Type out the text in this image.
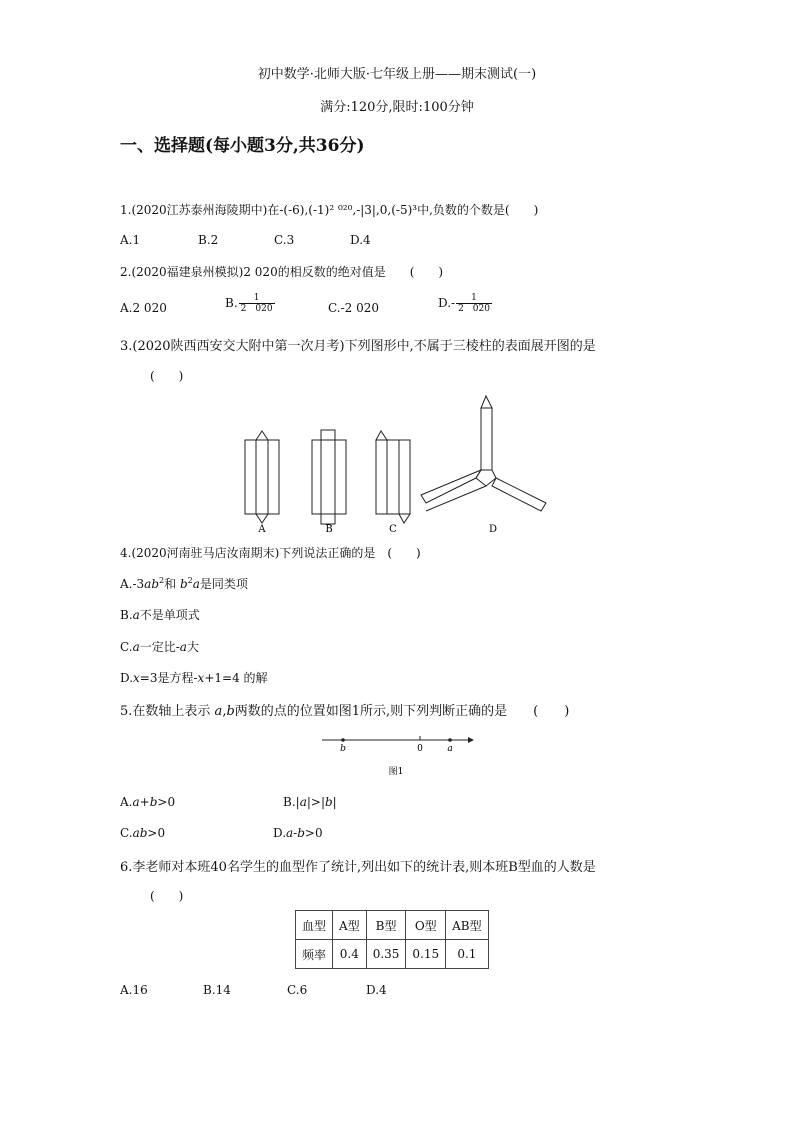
初中数学·北师大版·七年级上册——期末测试(一)
满分:120分,限时:100分钟
一、选择题(每小题3分,共36分)
1.(2020江苏泰州海陵期中)在-(-6),(-1)² ⁰²⁰,-|3|,0,(-5)³中,负数的个数是(　　)
A.1	B.2	C.3	D.4
2.(2020福建泉州模拟)2 020的相反数的绝对值是　　(　　)
A.2 020	B. $\frac{1}{2 020}$	C.-2 020	$D.- \frac{1}{2 020}$
3.(2020陕西西安交大附中第一次月考)下列图形中,不属于三棱柱的表面展开图的是
(　　)
A	B	C	D
4.(2020河南驻马店汝南期末)下列说法正确的是　(　　)
$A.-3ab^2$和 $b^2a$是同类项
B.a不是单项式
C.a一定比-a大
D.x=3是方程-x+1=4 的解
5.在数轴上表示 a,b两数的点的位置如图1所示,则下列判断正确的是　　(　　)
b	0	a
图1
A.a+b>0	B.|a|>|b|
C.ab>0	D.a-b>0
6.李老师对本班40名学生的血型作了统计,列出如下的统计表,则本班B型血的人数是
(　　)
血型	A型	B型	O型	AB型
频率	0.4	0.35	0.15	0.1
A.16	B.14	C.6	D.4
